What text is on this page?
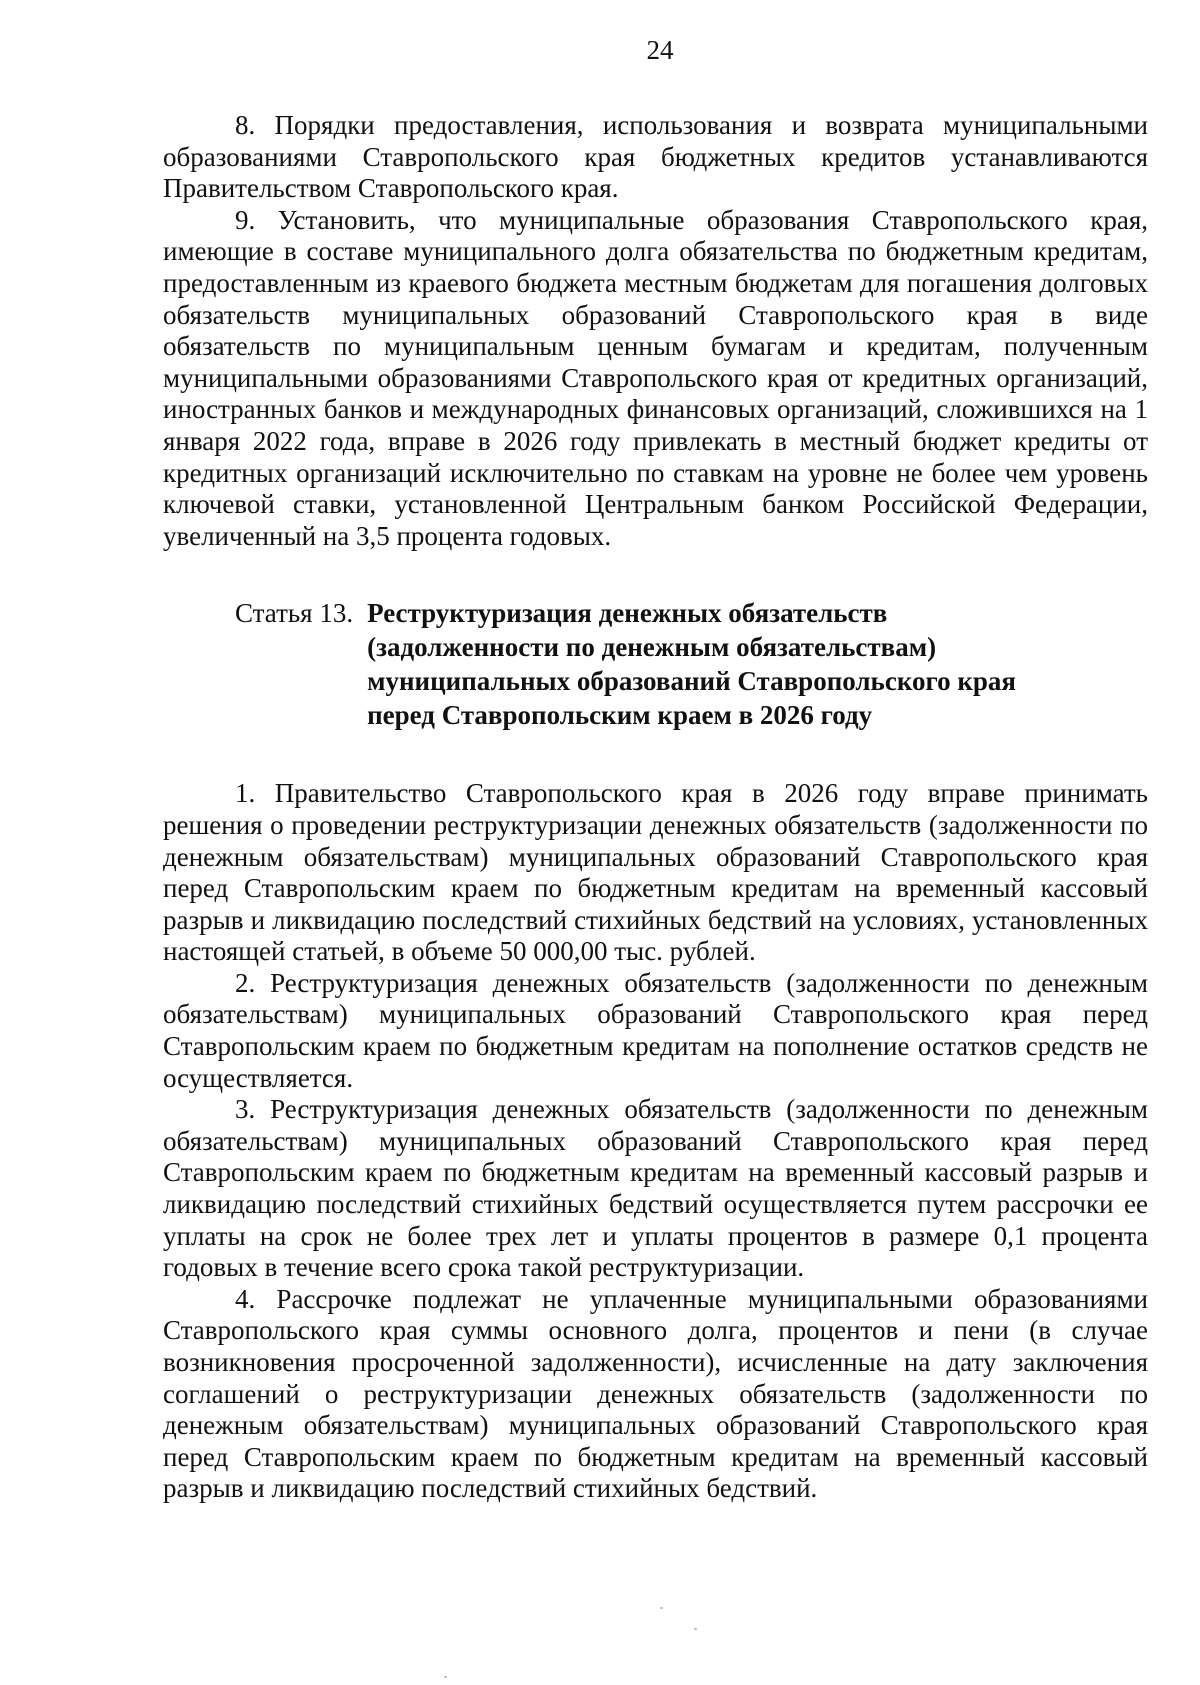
24

8. Порядки предоставления, использования и возврата муниципальными образованиями Ставропольского края бюджетных кредитов устанавливаются Правительством Ставропольского края.

9. Установить, что муниципальные образования Ставропольского края, имеющие в составе муниципального долга обязательства по бюджетным кредитам, предоставленным из краевого бюджета местным бюджетам для погашения долговых обязательств муниципальных образований Ставропольского края в виде обязательств по муниципальным ценным бумагам и кредитам, полученным муниципальными образованиями Ставропольского края от кредитных организаций, иностранных банков и международных финансовых организаций, сложившихся на 1 января 2022 года, вправе в 2026 году привлекать в местный бюджет кредиты от кредитных организаций исключительно по ставкам на уровне не более чем уровень ключевой ставки, установленной Центральным банком Российской Федерации, увеличенный на 3,5 процента годовых.

Статья 13. Реструктуризация денежных обязательств
(задолженности по денежным обязательствам)
муниципальных образований Ставропольского края
перед Ставропольским краем в 2026 году

1. Правительство Ставропольского края в 2026 году вправе принимать решения о проведении реструктуризации денежных обязательств (задолженности по денежным обязательствам) муниципальных образований Ставропольского края перед Ставропольским краем по бюджетным кредитам на временный кассовый разрыв и ликвидацию последствий стихийных бедствий на условиях, установленных настоящей статьей, в объеме 50 000,00 тыс. рублей.

2. Реструктуризация денежных обязательств (задолженности по денежным обязательствам) муниципальных образований Ставропольского края перед Ставропольским краем по бюджетным кредитам на пополнение остатков средств не осуществляется.

3. Реструктуризация денежных обязательств (задолженности по денежным обязательствам) муниципальных образований Ставропольского края перед Ставропольским краем по бюджетным кредитам на временный кассовый разрыв и ликвидацию последствий стихийных бедствий осуществляется путем рассрочки ее уплаты на срок не более трех лет и уплаты процентов в размере 0,1 процента годовых в течение всего срока такой реструктуризации.

4. Рассрочке подлежат не уплаченные муниципальными образованиями Ставропольского края суммы основного долга, процентов и пени (в случае возникновения просроченной задолженности), исчисленные на дату заключения соглашений о реструктуризации денежных обязательств (задолженности по денежным обязательствам) муниципальных образований Ставропольского края перед Ставропольским краем по бюджетным кредитам на временный кассовый разрыв и ликвидацию последствий стихийных бедствий.
